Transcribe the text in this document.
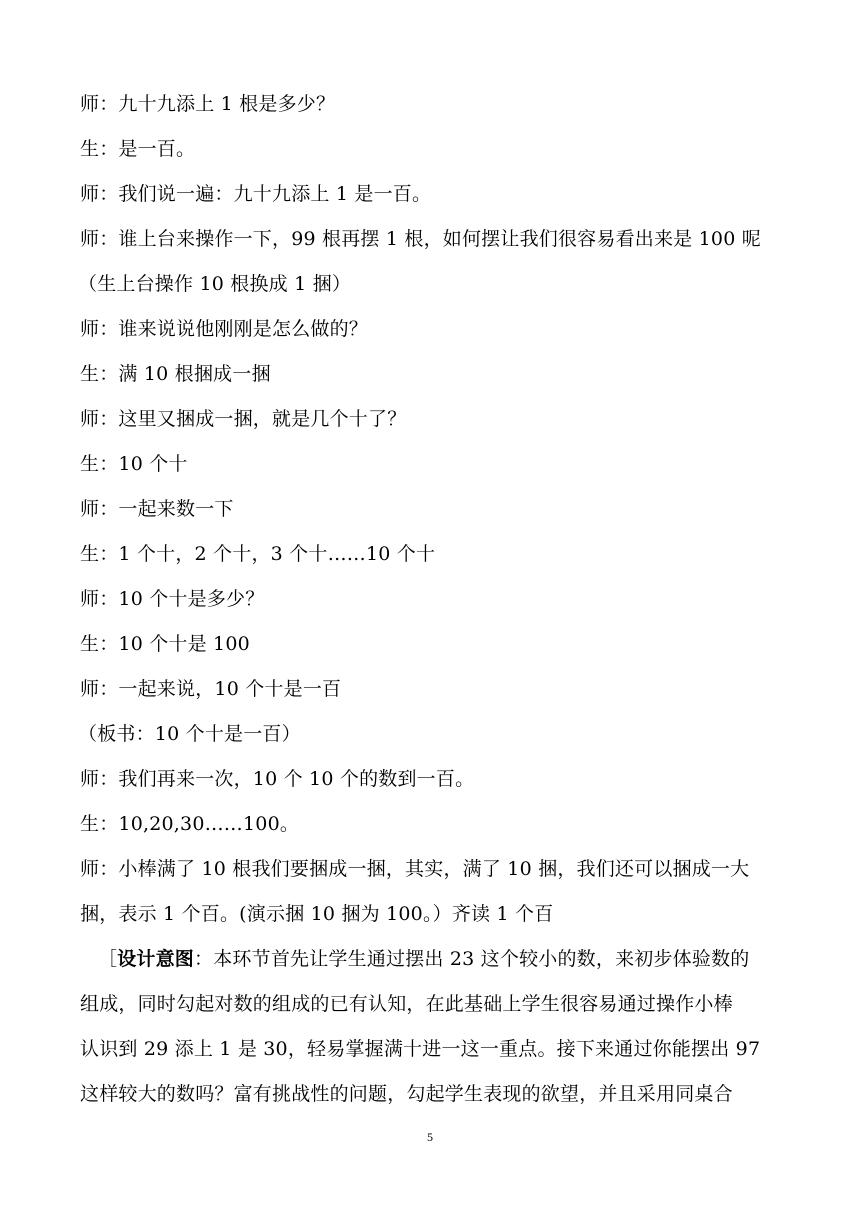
师：九十九添上 1 根是多少？
生：是一百。
师：我们说一遍：九十九添上 1 是一百。
师：谁上台来操作一下，99 根再摆 1 根，如何摆让我们很容易看出来是 100 呢
（生上台操作 10 根换成 1 捆）
师：谁来说说他刚刚是怎么做的？
生：满 10 根捆成一捆
师：这里又捆成一捆，就是几个十了？
生：10 个十
师：一起来数一下
生：1 个十，2 个十，3 个十……10 个十
师：10 个十是多少？
生：10 个十是 100
师：一起来说，10 个十是一百
（板书：10 个十是一百）
师：我们再来一次，10 个 10 个的数到一百。
生：10,20,30……100。
师：小棒满了 10 根我们要捆成一捆，其实，满了 10 捆，我们还可以捆成一大
捆，表示 1 个百。(演示捆 10 捆为 100。）齐读 1 个百
［设计意图：本环节首先让学生通过摆出 23 这个较小的数，来初步体验数的
组成，同时勾起对数的组成的已有认知，在此基础上学生很容易通过操作小棒
认识到 29 添上 1 是 30，轻易掌握满十进一这一重点。接下来通过你能摆出 97
这样较大的数吗？富有挑战性的问题，勾起学生表现的欲望，并且采用同桌合
5
